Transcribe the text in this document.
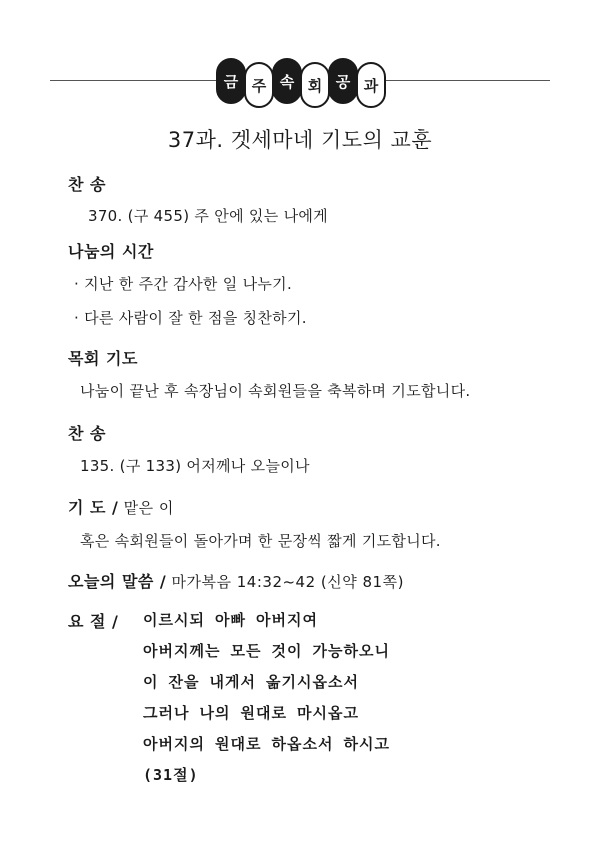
금 주 속 회 공 과
37과. 겟세마네 기도의 교훈
찬 송
370. (구 455) 주 안에 있는 나에게
나눔의 시간
· 지난 한 주간 감사한 일 나누기.
· 다른 사람이 잘 한 점을 칭찬하기.
목회 기도
나눔이 끝난 후 속장님이 속회원들을 축복하며 기도합니다.
찬 송
135. (구 133) 어저께나 오늘이나
기 도 / 맡은 이
혹은 속회원들이 돌아가며 한 문장씩 짧게 기도합니다.
오늘의 말씀 / 마가복음 14:32~42 (신약 81쪽)
요 절 / 이르시되 아빠 아버지여
아버지께는 모든 것이 가능하오니
이 잔을 내게서 옮기시옵소서
그러나 나의 원대로 마시옵고
아버지의 원대로 하옵소서 하시고
(31절)
